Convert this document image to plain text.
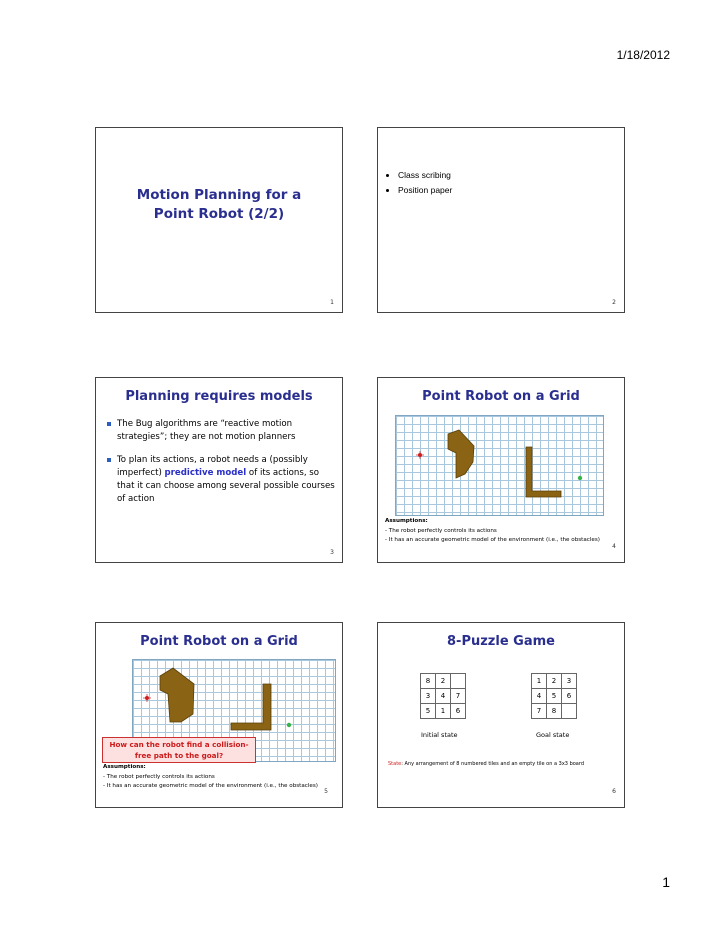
1/18/2012
Motion Planning for a
Point Robot (2/2)
1
• Class scribing
• Position paper
2
Planning requires models
The Bug algorithms are “reactive motion strategies”; they are not motion planners
To plan its actions, a robot needs a (possibly imperfect) predictive model of its actions, so that it can choose among several possible courses of action
3
Point Robot on a Grid
Assumptions:
- The robot perfectly controls its actions
- It has an accurate geometric model of the environment (i.e., the obstacles)
4
Point Robot on a Grid
How can the robot find a collision-free path to the goal?
Assumptions:
- The robot perfectly controls its actions
- It has an accurate geometric model of the environment (i.e., the obstacles)
5
8-Puzzle Game
8	2	
3	4	7
5	1	6
1	2	3
4	5	6
7	8	
Initial state	Goal state
State: Any arrangement of 8 numbered tiles and an empty tile on a 3x3 board
6
1
